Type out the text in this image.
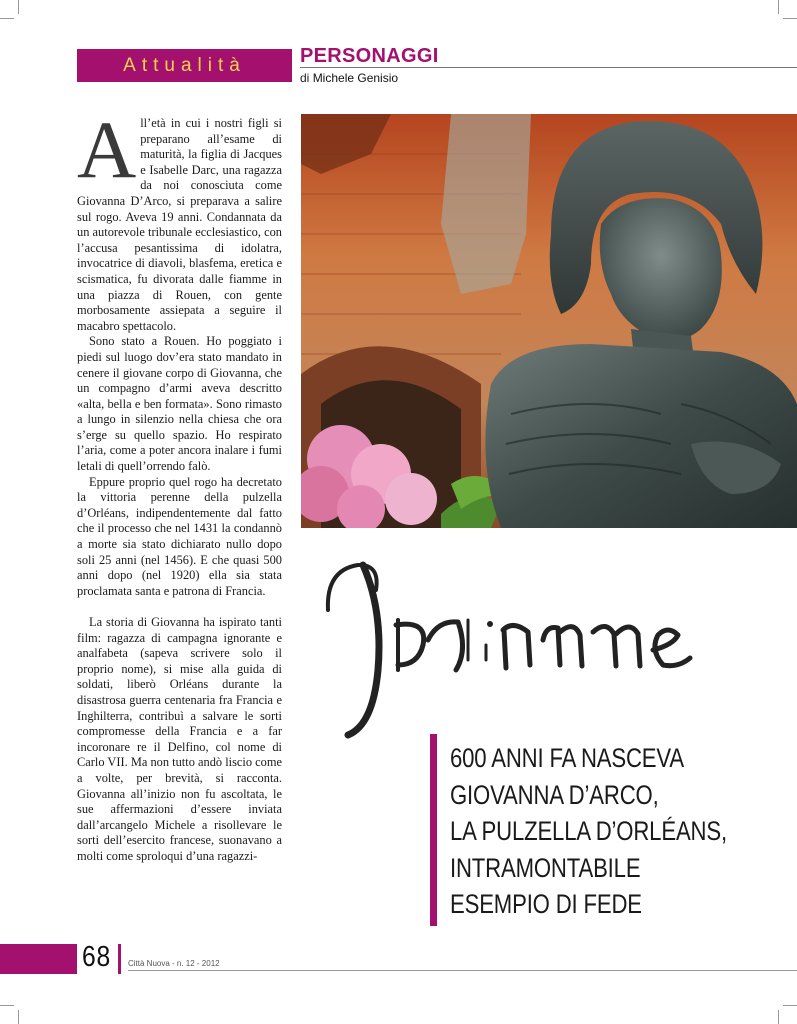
Attualità	PERSONAGGI
di Michele Genisio

All’età in cui i nostri figli si preparano all’esame di maturità, la figlia di Jacques e Isabelle Darc, una ragazza da noi conosciuta come Giovanna D’Arco, si preparava a salire sul rogo. Aveva 19 anni. Condannata da un autorevole tribunale ecclesiastico, con l’accusa pesantissima di idolatra, invocatrice di diavoli, blasfema, eretica e scismatica, fu divorata dalle fiamme in una piazza di Rouen, con gente morbosamente assiepata a seguire il macabro spettacolo.

Sono stato a Rouen. Ho poggiato i piedi sul luogo dov’era stato mandato in cenere il giovane corpo di Giovanna, che un compagno d’armi aveva descritto «alta, bella e ben formata». Sono rimasto a lungo in silenzio nella chiesa che ora s’erge su quello spazio. Ho respirato l’aria, come a poter ancora inalare i fumi letali di quell’orrendo falò.

Eppure proprio quel rogo ha decretato la vittoria perenne della pulzella d’Orléans, indipendentemente dal fatto che il processo che nel 1431 la condannò a morte sia stato dichiarato nullo dopo soli 25 anni (nel 1456). E che quasi 500 anni dopo (nel 1920) ella sia stata proclamata santa e patrona di Francia.

La storia di Giovanna ha ispirato tanti film: ragazza di campagna ignorante e analfabeta (sapeva scrivere solo il proprio nome), si mise alla guida di soldati, liberò Orléans durante la disastrosa guerra centenaria fra Francia e Inghilterra, contribuì a salvare le sorti compromesse della Francia e a far incoronare re il Delfino, col nome di Carlo VII. Ma non tutto andò liscio come a volte, per brevità, si racconta. Giovanna all’inizio non fu ascoltata, le sue affermazioni d’essere inviata dall’arcangelo Michele a risollevare le sorti dell’esercito francese, suonavano a molti come sproloqui d’una ragazzi-

600 ANNI FA NASCEVA
GIOVANNA D’ARCO,
LA PULZELLA D’ORLÉANS,
INTRAMONTABILE
ESEMPIO DI FEDE
68 Città Nuova - n. 12 - 2012
